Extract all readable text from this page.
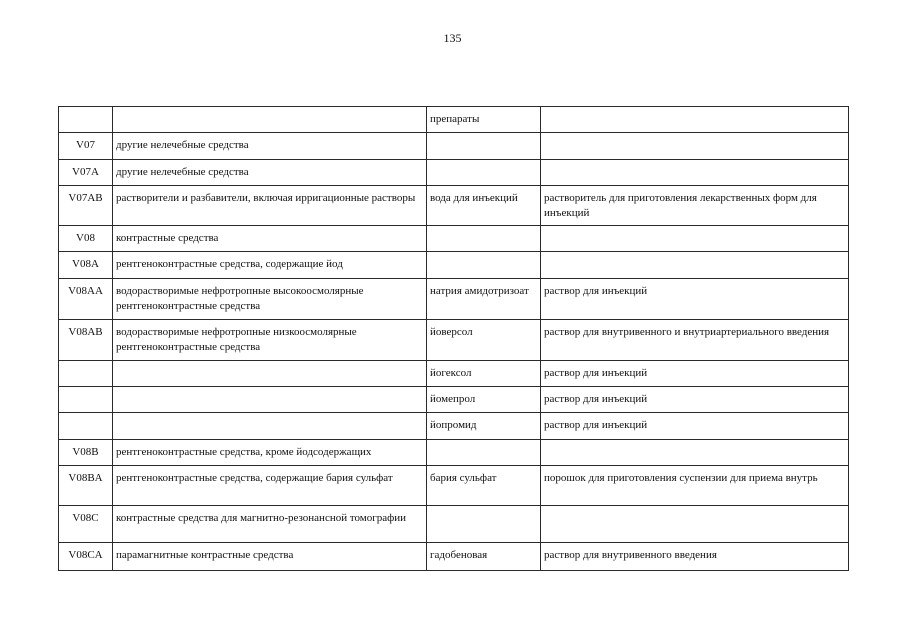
135
		препараты	
V07	другие нелечебные средства		
V07A	другие нелечебные средства		
V07AB	растворители и разбавители, включая ирригационные растворы	вода для инъекций	растворитель для приготовления лекарственных форм для инъекций
V08	контрастные средства		
V08A	рентгеноконтрастные средства, содержащие йод		
V08AA	водорастворимые нефротропные высокоосмолярные рентгеноконтрастные средства	натрия амидотризоат	раствор для инъекций
V08AB	водорастворимые нефротропные низкоосмолярные рентгеноконтрастные средства	йоверсол	раствор для внутривенного и внутриартериального введения
		йогексол	раствор для инъекций
		йомепрол	раствор для инъекций
		йопромид	раствор для инъекций
V08B	рентгеноконтрастные средства, кроме йодсодержащих		
V08BA	рентгеноконтрастные средства, содержащие бария сульфат	бария сульфат	порошок для приготовления суспензии для приема внутрь
V08C	контрастные средства для магнитно-резонансной томографии		
V08CA	парамагнитные контрастные средства	гадобеновая	раствор для внутривенного введения
